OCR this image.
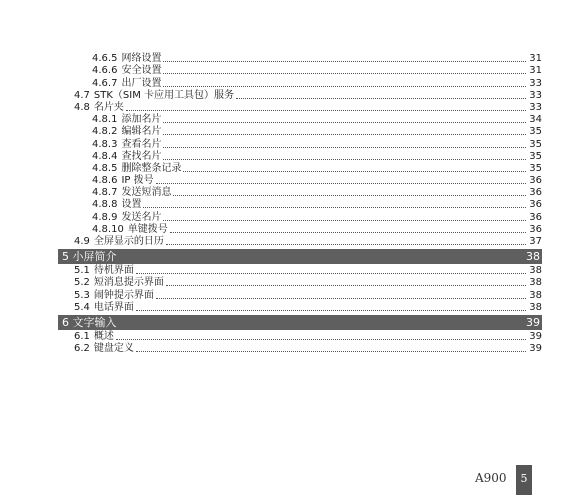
4.6.5 网络设置	31
4.6.6 安全设置	31
4.6.7 出厂设置	33
4.7 STK（SIM 卡应用工具包）服务	33
4.8 名片夹	33
4.8.1 添加名片	34
4.8.2 编辑名片	35
4.8.3 查看名片	35
4.8.4 查找名片	35
4.8.5 删除整条记录	35
4.8.6 IP 拨号	36
4.8.7 发送短消息	36
4.8.8 设置	36
4.8.9 发送名片	36
4.8.10 单键拨号	36
4.9 全屏显示的日历	37
5 小屏简介	38
5.1 待机界面	38
5.2 短消息提示界面	38
5.3 闹钟提示界面	38
5.4 电话界面	38
6 文字输入	39
6.1 概述	39
6.2 键盘定义	39
A900	5
